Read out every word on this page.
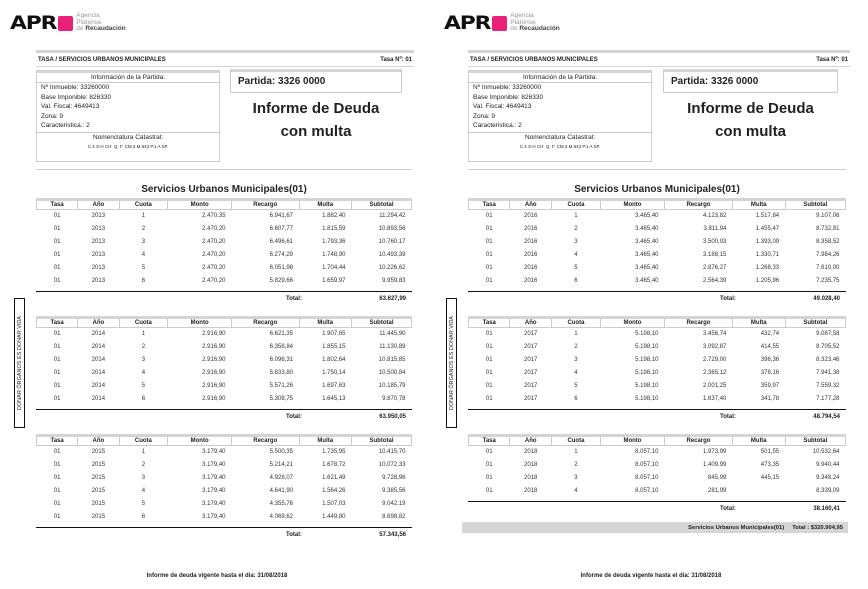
APR	Agencia
Platense
de Recaudación
TASA / SERVICIOS URBANOS MUNICIPALES	Tasa Nº: 01
Información de la Partida:
Nº Inmueble: 33260000
Base Imponible: 826330
Val. Fiscal: 4649413
Zona: 9
Caracteristica.: 2
Nomenclatura Catastral:
C.1 S.H CH. Q. F. CM.3 M.643 P.1 A SP.
Partida: 3326 0000
Informe de Deuda
con multa
Servicios Urbanos Municipales(01)
Tasa	Año	Cuota	Monto	Recargo	Multa	Subtotal
01	2013	1	2.470,35	6.941,67	1.882,40	11.294,42
01	2013	2	2.470,20	6.607,77	1.815,59	10.893,56
01	2013	3	2.470,20	6.496,61	1.793,36	10.760,17
01	2013	4	2.470,20	6.274,29	1.748,90	10.493,39
01	2013	5	2.470,20	6.051,98	1.704,44	10.226,62
01	2013	6	2.470,20	5.829,66	1.659,97	9.959,83
Total:	63.627,99
Tasa	Año	Cuota	Monto	Recargo	Multa	Subtotal
01	2014	1	2.916,90	6.621,35	1.907,65	11.445,90
01	2014	2	2.916,90	6.358,84	1.855,15	11.130,89
01	2014	3	2.916,90	6.096,31	1.802,64	10.815,85
01	2014	4	2.916,90	5.833,80	1.750,14	10.500,84
01	2014	5	2.916,90	5.571,26	1.697,63	10.185,79
01	2014	6	2.916,90	5.308,75	1.645,13	9.870,78
Total:	63.950,05
Tasa	Año	Cuota	Monto	Recargo	Multa	Subtotal
01	2015	1	3.179,40	5.500,35	1.735,95	10.415,70
01	2015	2	3.179,40	5.214,21	1.678,72	10.072,33
01	2015	3	3.179,40	4.928,07	1.621,49	9.728,96
01	2015	4	3.179,40	4.641,90	1.564,26	9.385,56
01	2015	5	3.179,40	4.355,76	1.507,03	9.042,19
01	2015	6	3.179,40	4.069,62	1.449,80	8.698,82
Total:	57.343,56
DONAR ÓRGANOS ES DONAR VIDA
Informe de deuda vigente hasta el dia: 31/08/2018
APR	Agencia
Platense
de Recaudación
TASA / SERVICIOS URBANOS MUNICIPALES	Tasa Nº: 01
Información de la Partida:
Nº Inmueble: 33260000
Base Imponible: 826330
Val. Fiscal: 4649413
Zona: 9
Caracteristica.: 2
Nomenclatura Catastral:
C.1 S.H CH. Q. F. CM.3 M.643 P.1 A SP.
Partida: 3326 0000
Informe de Deuda
con multa
Servicios Urbanos Municipales(01)
Tasa	Año	Cuota	Monto	Recargo	Multa	Subtotal
01	2016	1	3.465,40	4.123,82	1.517,84	9.107,06
01	2016	2	3.465,40	3.811,94	1.455,47	8.732,81
01	2016	3	3.465,40	3.500,03	1.393,09	8.358,52
01	2016	4	3.465,40	3.188,15	1.330,71	7.984,26
01	2016	5	3.465,40	2.876,27	1.268,33	7.610,00
01	2016	6	3.465,40	2.564,39	1.205,96	7.235,75
Total:	49.028,40
Tasa	Año	Cuota	Monto	Recargo	Multa	Subtotal
01	2017	1	5.198,10	3.456,74	432,74	9.087,58
01	2017	2	5.198,10	3.092,87	414,55	8.705,52
01	2017	3	5.198,10	2.729,00	396,36	8.323,46
01	2017	4	5.198,10	2.365,12	378,16	7.941,38
01	2017	5	5.198,10	2.001,25	359,97	7.559,32
01	2017	6	5.198,10	1.637,40	341,78	7.177,28
Total:	48.794,54
Tasa	Año	Cuota	Monto	Recargo	Multa	Subtotal
01	2018	1	8.057,10	1.973,99	501,55	10.532,64
01	2018	2	8.057,10	1.409,99	473,35	9.940,44
01	2018	3	8.057,10	845,99	445,15	9.348,24
01	2018	4	8.057,10	281,99		8.339,09
Total:	38.160,41
DONAR ÓRGANOS ES DONAR VIDA
Informe de deuda vigente hasta el dia: 31/08/2018
Servicios Urbanos Municipales(01) Total : $320.904,95
